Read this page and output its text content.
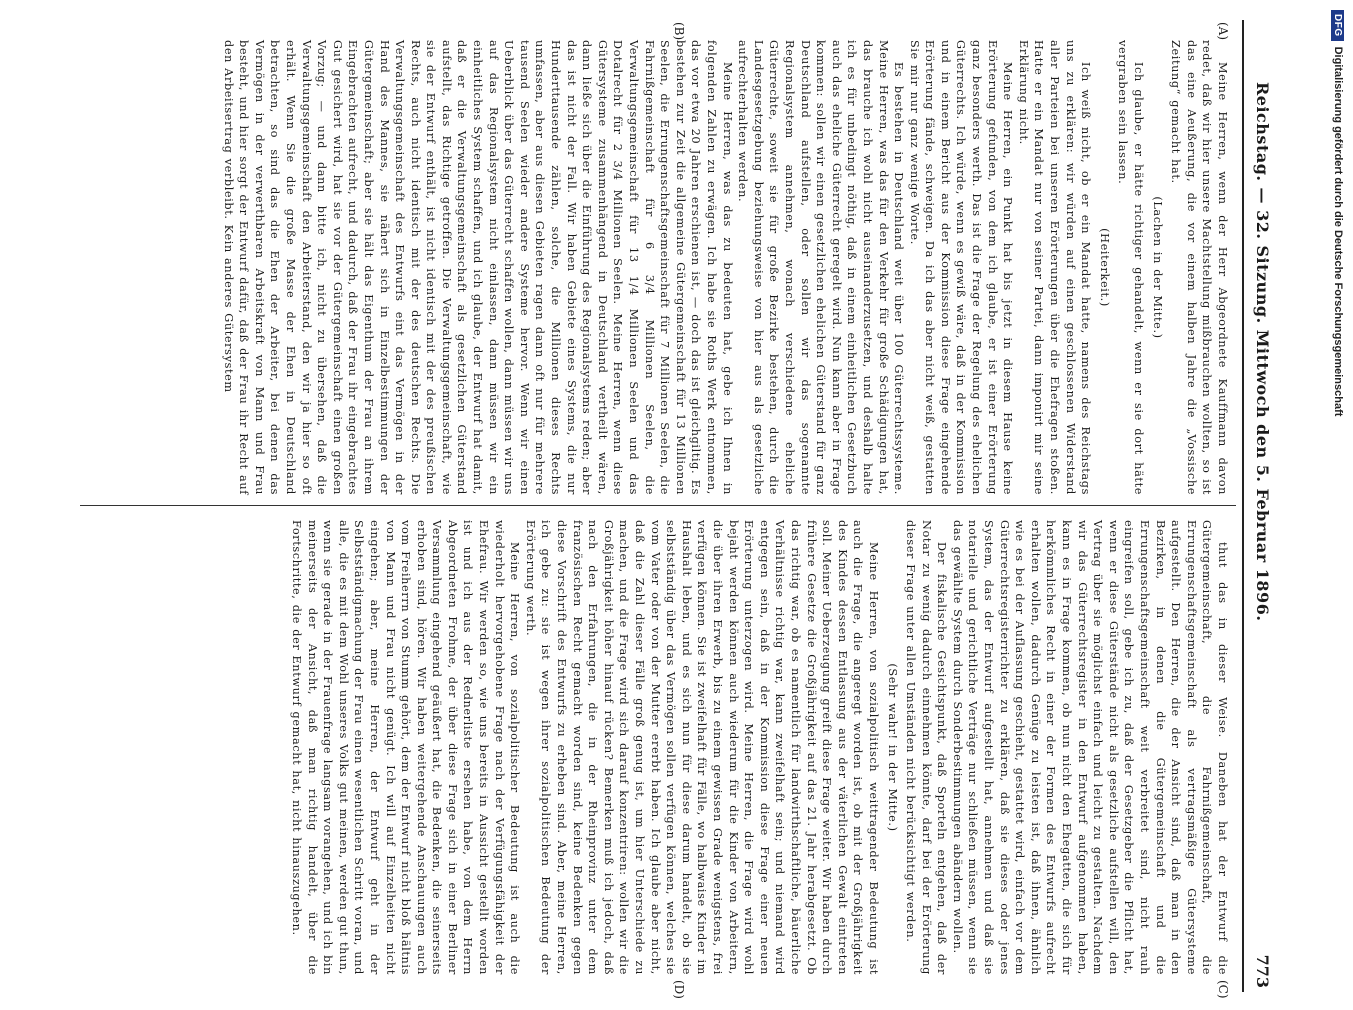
Reichstag. — 32. Sitzung. Mittwoch den 5. Februar 1896.
773
(A)
(B)
(C)
(D)

Meine Herren, wenn der Herr Abgeordnete Kauffmann davon redet, daß wir hier unsere Machtstellung mißbrauchen wollten, so ist das eine Aeußerung, die vor einem halben Jahre die „Vossische Zeitung“ gemacht hat.

(Lachen in der Mitte.)

Ich glaube, er hätte richtiger gehandelt, wenn er sie dort hätte vergraben sein lassen.

(Heiterkeit.)

Ich weiß nicht, ob er ein Mandat hatte, namens des Reichstags uns zu erklären: wir würden auf einen geschlossenen Widerstand aller Parteien bei unseren Erörterungen über die Ehefragen stoßen. Hatte er ein Mandat nur von seiner Partei, dann imponirt mir seine Erklärung nicht.

Meine Herren, ein Punkt hat bis jetzt in diesem Hause keine Erörterung gefunden, von dem ich glaube, er ist einer Erörterung ganz besonders werth. Das ist die Frage der Regelung des ehelichen Güterrechts. Ich würde, wenn es gewiß wäre, daß in der Kommission und in einem Bericht aus der Kommission diese Frage eingehende Erörterung fände, schweigen. Da ich das aber nicht weiß, gestatten Sie mir nur ganz wenige Worte.

Es bestehen in Deutschland weit über 100 Güterrechtssysteme. Meine Herren, was das für den Verkehr für große Schädigungen hat, das brauche ich wohl nicht auseinanderzusetzen, und deshalb halte ich es für unbedingt nöthig, daß in einem einheitlichen Gesetzbuch auch das eheliche Güterrecht geregelt wird. Nun kann aber in Frage kommen: sollen wir einen gesetzlichen ehelichen Güterstand für ganz Deutschland aufstellen, oder sollen wir das sogenannte Regionalsystem annehmen, wonach verschiedene eheliche Güterrechte, soweit sie für große Bezirke bestehen, durch die Landesgesetzgebung beziehungsweise von hier aus als gesetzliche aufrechterhalten werden.

Meine Herren, was das zu bedeuten hat, gebe ich Ihnen in folgenden Zahlen zu erwägen. Ich habe sie Roths Werk entnommen, das vor etwa 20 Jahren erschienen ist, — doch das ist gleichgiltig. Es bestehen zur Zeit die allgemeine Gütergemeinschaft für 13 Millionen Seelen, die Errungenschaftsgemeinschaft für 7 Millionen Seelen, die Fahrnißgemeinschaft für 6 3/4 Millionen Seelen, die Verwaltungsgemeinschaft für 13 1/4 Millionen Seelen und das Dotalrecht für 2 3/4 Millionen Seelen. Meine Herren, wenn diese Gütersysteme zusammenhängend in Deutschland vertheilt wären, dann ließe sich über die Einführung des Regionalsystems reden; aber das ist nicht der Fall. Wir haben Gebiete eines Systems, die nur Hunderttausende zählen, solche, die Millionen dieses Rechts umfassen, aber aus diesen Gebieten ragen dann oft nur für mehrere tausend Seelen wieder andere Systeme hervor. Wenn wir einen Ueberblick über das Güterrecht schaffen wollen, dann müssen wir uns auf das Regionalsystem nicht einlassen, dann müssen wir ein einheitliches System schaffen, und ich glaube, der Entwurf hat damit, daß er die Verwaltungsgemeinschaft als gesetzlichen Güterstand aufstellt, das Richtige getroffen. Die Verwaltungsgemeinschaft, wie sie der Entwurf enthält, ist nicht identisch mit der des preußischen Rechts, auch nicht identisch mit der des deutschen Rechts. Die Verwaltungsgemeinschaft des Entwurfs eint das Vermögen in der Hand des Mannes, sie nähert sich in Einzelbestimmungen der Gütergemeinschaft; aber sie hält das Eigenthum der Frau an ihrem Eingebrachten aufrecht, und dadurch, daß der Frau ihr eingebrachtes Gut gesichert wird, hat sie vor der Gütergemeinschaft einen großen Vorzug; — und dann bitte ich, nicht zu übersehen, daß die Verwaltungsgemeinschaft den Arbeiterstand, den wir ja hier so oft erhält. Wenn Sie die große Masse der Ehen in Deutschland betrachten, so sind das die Ehen der Arbeiter, bei denen das Vermögen in der verwerthbaren Arbeitskraft von Mann und Frau besteht, und hier sorgt der Entwurf dafür, daß der Frau ihr Recht auf den Arbeitsertrag verbleibt. Kein anderes Gütersystem

thut das in dieser Weise. Daneben hat der Entwurf die Gütergemeinschaft, die Fahrnißgemeinschaft, die Errungenschaftsgemeinschaft als vertragsmäßige Gütersysteme aufgestellt. Den Herren, die der Ansicht sind, daß man in den Bezirken, in denen die Gütergemeinschaft und die Errungenschaftsgemeinschaft weit verbreitet sind, nicht rauh eingreifen soll, gebe ich zu, daß der Gesetzgeber die Pflicht hat, wenn er diese Güterstände nicht als gesetzliche aufstellen will, den Vertrag über sie möglichst einfach und leicht zu gestalten. Nachdem wir das Güterrechtsregister in den Entwurf aufgenommen haben, kann es in Frage kommen, ob nun nicht den Ehegatten, die sich für herkömmliches Recht in einer der Formen des Entwurfs aufrecht erhalten wollen, dadurch Genüge zu leisten ist, daß ihnen, ähnlich wie es bei der Auflassung geschieht, gestattet wird, einfach vor dem Güterrechtsregisterrichter zu erklären, daß sie dieses oder jenes System, das der Entwurf aufgestellt hat, annehmen und daß sie notarielle und gerichtliche Verträge nur schließen müssen, wenn sie das gewählte System durch Sonderbestimmungen abändern wollen.

Der fiskalische Gesichtspunkt, daß Sporteln entgehen, daß der Notar zu wenig dadurch einnehmen könnte, darf bei der Erörterung dieser Frage unter allen Umständen nicht berücksichtigt werden.

(Sehr wahr! in der Mitte.)

Meine Herren, von sozialpolitisch weittragender Bedeutung ist auch die Frage, die angeregt worden ist, ob mit der Großjährigkeit des Kindes dessen Entlassung aus der väterlichen Gewalt eintreten soll. Meiner Ueberzeugung greift diese Frage weiter. Wir haben durch frühere Gesetze die Großjährigkeit auf das 21. Jahr herabgesetzt. Ob das richtig war, ob es namentlich für landwirthschaftliche, bäuerliche Verhältnisse richtig war, kann zweifelhaft sein; und niemand wird entgegen sein, daß in der Kommission diese Frage einer neuen Erörterung unterzogen wird. Meine Herren, die Frage wird wohl bejaht werden können auch wiederum für die Kinder von Arbeitern, die über ihren Erwerb, bis zu einem gewissen Grade wenigstens, frei verfügen können. Sie ist zweifelhaft für Fälle, wo halbwaise Kinder im Haushalt leben, und es sich nun für diese darum handelt, ob sie selbstständig über das Vermögen sollen verfügen können, welches sie vom Vater oder von der Mutter ererbt haben. Ich glaube aber nicht, daß die Zahl dieser Fälle groß genug ist, um hier Unterschiede zu machen, und die Frage wird sich darauf konzentriren: wollen wir die Großjährigkeit höher hinauf rücken? Bemerken muß ich jedoch, daß nach den Erfahrungen, die in der Rheinprovinz unter dem französischen Recht gemacht worden sind, keine Bedenken gegen diese Vorschrift des Entwurfs zu erheben sind. Aber, meine Herren, ich gebe zu: sie ist wegen ihrer sozialpolitischen Bedeutung der Erörterung werth.

Meine Herren, von sozialpolitischer Bedeutung ist auch die wiederholt hervorgehobene Frage nach der Verfügungsfähigkeit der Ehefrau. Wir werden so, wie uns bereits in Aussicht gestellt worden ist und ich aus der Rednerliste ersehen habe, von dem Herrn Abgeordneten Frohme, der über diese Frage sich in einer Berliner Versammlung eingehend geäußert hat, die Bedenken, die seinerseits erhoben sind, hören. Wir haben weitergehende Anschauungen auch vom Freiherrn von Stumm gehört, dem der Entwurf nicht bloß hältnis von Mann und Frau nicht genügt. Ich will auf Einzelheiten nicht eingehen; aber, meine Herren, der Entwurf geht in der Selbstständigmachung der Frau einen wesentlichen Schritt voran, und alle, die es mit dem Wohl unseres Volks gut meinen, werden gut thun, wenn sie gerade in der Frauenfrage langsam vorangehen, und ich bin meinerseits der Ansicht, daß man richtig handelt, über die Fortschritte, die der Entwurf gemacht hat, nicht hinauszugehen.

DFG
Digitalisierung gefördert durch die Deutsche Forschungsgemeinschaft
